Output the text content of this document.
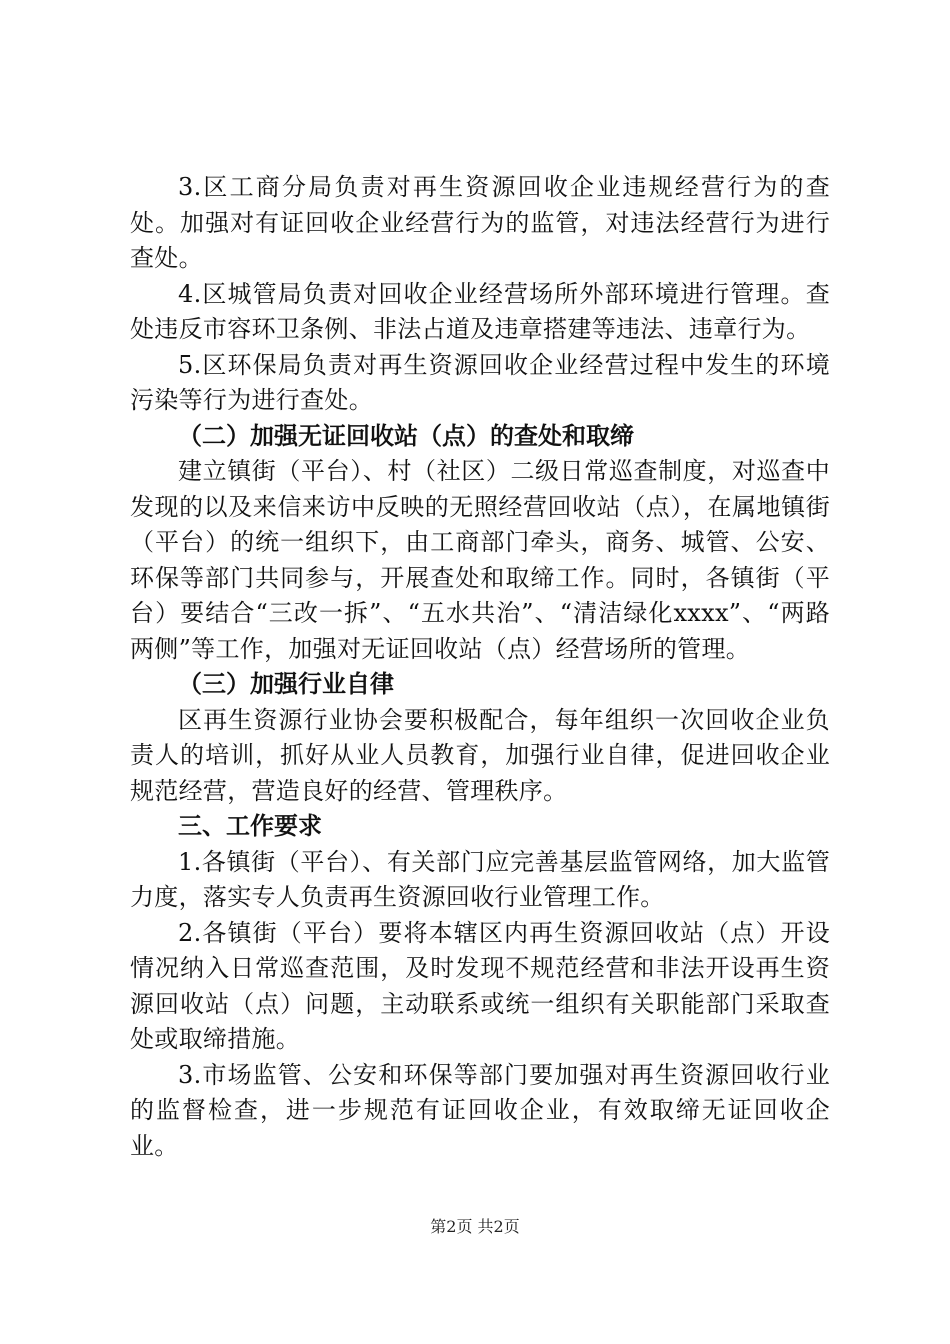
3.区工商分局负责对再生资源回收企业违规经营行为的查处。加强对有证回收企业经营行为的监管，对违法经营行为进行查处。

4.区城管局负责对回收企业经营场所外部环境进行管理。查处违反市容环卫条例、非法占道及违章搭建等违法、违章行为。

5.区环保局负责对再生资源回收企业经营过程中发生的环境污染等行为进行查处。

（二）加强无证回收站（点）的查处和取缔

建立镇街（平台）、村（社区）二级日常巡查制度，对巡查中发现的以及来信来访中反映的无照经营回收站（点），在属地镇街（平台）的统一组织下，由工商部门牵头，商务、城管、公安、环保等部门共同参与，开展查处和取缔工作。同时，各镇街（平台）要结合“三改一拆”、“五水共治”、“清洁绿化xxxx”、“两路两侧”等工作，加强对无证回收站（点）经营场所的管理。

（三）加强行业自律

区再生资源行业协会要积极配合，每年组织一次回收企业负责人的培训，抓好从业人员教育，加强行业自律，促进回收企业规范经营，营造良好的经营、管理秩序。

三、工作要求

1.各镇街（平台）、有关部门应完善基层监管网络，加大监管力度，落实专人负责再生资源回收行业管理工作。

2.各镇街（平台）要将本辖区内再生资源回收站（点）开设情况纳入日常巡查范围，及时发现不规范经营和非法开设再生资源回收站（点）问题，主动联系或统一组织有关职能部门采取查处或取缔措施。

3.市场监管、公安和环保等部门要加强对再生资源回收行业的监督检查，进一步规范有证回收企业，有效取缔无证回收企业。

第2页 共2页
